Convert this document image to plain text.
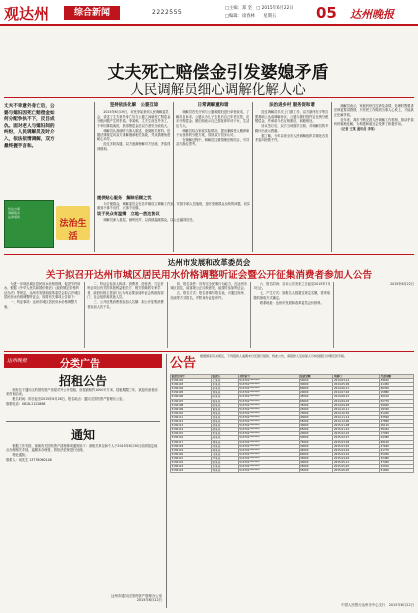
观达州	综合新闻	2222555
□主编：郑 坚　□ 2015年6月22日
□编辑：徐春林　　星期五	05 达州晚报
丈夫死亡赔偿金引发婆媳矛盾
人民调解员细心调解化解人心
丈夫不幸意外身亡后，公婆与媳妇因死亡赔偿金如何分配争执不下，反目成仇。面对老人与媳妇间的纠纷，人民调解员及时介入，依法依情调解，双方最终握手言和。
依法办事
调解服务
法律援助
法治生活
坚持依法化解　公婆互谅

　　2015年6月19日，市民李某来到人民调解委员会，讲述了丈夫意外身亡后与公婆之间就死亡赔偿金分配问题产生的矛盾。李某称，丈夫生前在外务工，不幸因事故离世，获得赔偿金后双方意见分歧较大。

　　调解员认真倾听当事人陈述，查阅相关材料，依据法律规定向双方讲解继承相关条款，并从情理角度耐心劝导。

　　经过多轮沟通，双方逐渐理解对方处境，矛盾得到缓和。

日常调解重和谐

　　调解员首先分别与公婆和媳妇进行单独谈话，了解各自诉求。公婆认为儿子去世后自己年老无依，应多分赔偿金；媳妇则表示自己需抚养年幼子女，生活压力大。

　　调解员结合家庭实际情况，提出兼顾老人赡养和子女抚养的分配方案，得到双方初步认可。

　　在调解过程中，调解员注重情理法相结合，引导双方换位思考。

法治进乡村 服务促和谐

　　经过调解员多次上门做工作，双方最终在平等自愿基础上达成调解协议，公婆与媳妇按约定比例分配赔偿金，并承诺今后互相照应，和睦相处。

　　协议签订后，双方当场握手言和，对调解员的辛勤付出表示感谢。

　　据了解，今年以来全市人民调解组织共调处各类矛盾纠纷数千件。

　　调解员表示，家庭纠纷往往涉及亲情，处理时既要讲法律更要讲感情，只有把工作做到当事人心坎上，才能真正化解矛盾。

　　近年来，我市不断完善人民调解工作机制，推动矛盾纠纷就地化解，为构建和谐社会发挥了积极作用。

　　（记者 王某 通讯员 李某）

提供贴心服务　解除后顾之忧

　　为方便群众，调解委员会在各乡镇设立调解工作室，安排专职人员值班，及时受理群众反映的问题，切实做到小事不出村、大事不出镇。

谈于民众有温情　立地一放达协议

　　调解员深入基层，倾听民声，以真情温暖群众，以公正赢得信任。

达州市发展和改革委员会
关于拟召开达州市城区居民用水价格调整听证会暨公开征集消费者参加人公告

　　为进一步规范城区居民用水价格管理，促进节约用水，根据《中华人民共和国价格法》《政府制定价格听证办法》等规定，达州市发展和改革委员会拟召开城区居民用水价格调整听证会，现将有关事项公告如下：

　　一、听证事项：达州市城区居民用水价格调整方案。

　　二、听证会参加人构成：消费者、经营者、与定价听证项目有关的其他利益相关方、相关领域的专家学者、政府价格主管部门认为有必要参加听证会的政府部门、社会组织和其他人员。

　　三、公开征集消费者参加人名额：拟公开征集消费者参加人若干名。

　　四、报名条件：具有完全民事行为能力，在达州市城区居住，能客观公正反映意见，能按时参加听证会。

　　五、报名方式：报名者填写报名表，可通过现场、信函等方式报名，并附身份证复印件。

　　六、报名时间：自本公告发布之日起至2015年7月3日止。

　　七、产生方式：如报名人数超过规定名额，将采取随机抽取方式确定。

　　联系地址：达州市发展和改革委员会价格科。

2015年6月22日

达州晚报	分类广告
招租公告

　　现有位于通川区的国有资产房屋对外公开招租，房屋面积约1000平方米，招租期限三年，欢迎有意者前来咨询洽谈。

　　报名时间：即日起至2015年6月28日，报名地点：通川区国有资产管理办公室。

联系电话：0818-2122868

通知

　　根据工作安排，现就有关国有资产清理事项通知如下：请相关单位和个人于2015年6月30日前到指定地点办理相关手续，逾期未办理者，将依法依规进行处理。

　　特此通知。

联系人：何先生 13778060148

达州市通川区国有资产管理办公室
2015年6月22日
公告 根据国家有关规定，下列借款人逾期未归还银行借款，特此公告，请借款人及担保人尽快到银行办理还款手续。
借款合同号	借款人	身份证号	借款金额	到期日	欠款余额
5136102	王某某	513701********	50000	2014-03-12	38620
5136103	李某某	513701********	30000	2014-05-09	21450
5136104	张某某	513701********	80000	2014-06-21	66300
5136105	刘某某	513701********	20000	2014-07-02	15880
5136106	陈某某	513701********	45000	2014-08-15	40210
5136107	杨某某	513701********	60000	2014-09-03	52770
5136108	赵某某	513701********	35000	2014-09-28	29940
5136109	黄某某	513701********	25000	2014-10-11	18330
5136110	周某某	513701********	70000	2014-10-30	61200
5136111	吴某某	513701********	40000	2014-11-14	33560
5136112	徐某某	513701********	55000	2014-12-06	47890
5136113	孙某某	513701********	30000	2015-01-08	26110
5136114	胡某某	513701********	65000	2015-01-22	58420
5136115	朱某某	513701********	20000	2015-02-10	17050
5136116	高某某	513701********	50000	2015-02-27	44380
5136117	林某某	513701********	75000	2015-03-09	69100
5136118	何某某	513701********	30000	2015-03-20	27640
5136119	郭某某	513701********	45000	2015-04-02	41770
5136120	马某某	513701********	60000	2015-04-16	55930
5136121	罗某某	513701********	35000	2015-04-29	32480
5136122	梁某某	513701********	40000	2015-05-11	37260
5136123	宋某某	513701********	25000	2015-05-25	23010
5136124	郑某某	513701********	55000	2015-06-05	51840
中国人民银行达州市中心支行　2015年6月22日
